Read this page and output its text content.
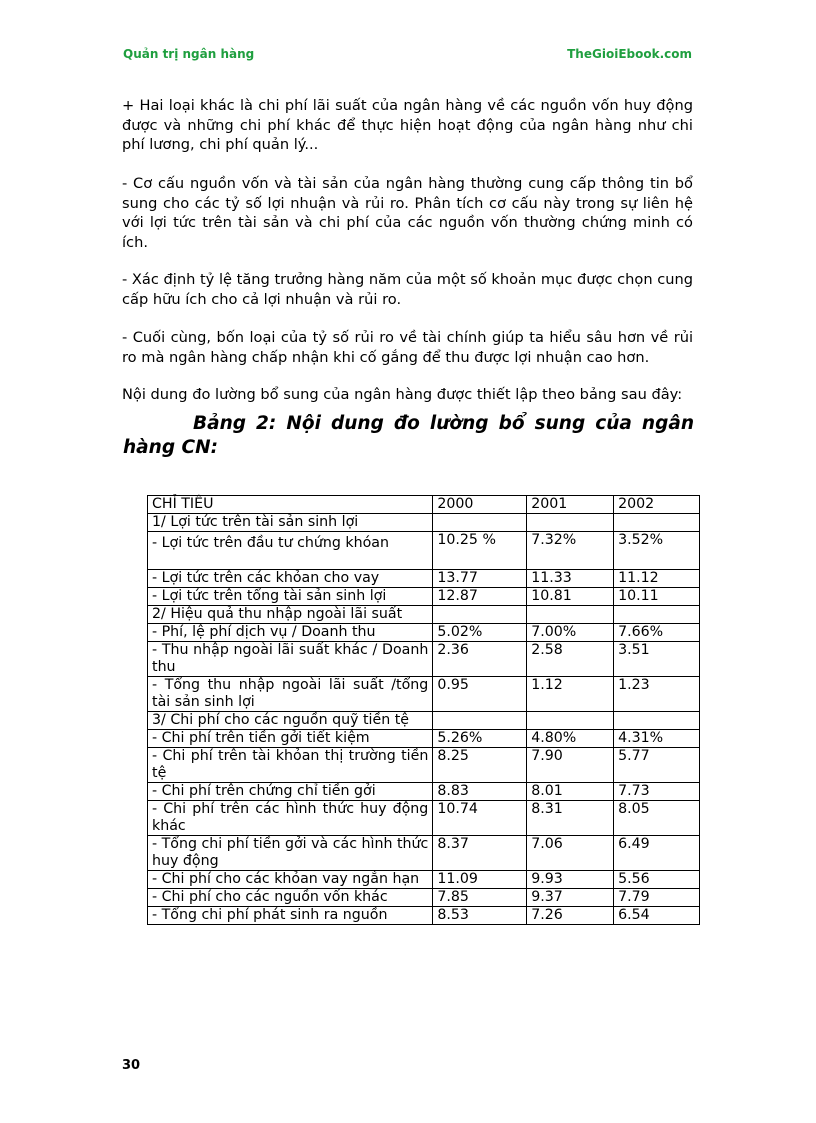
Quản trị ngân hàng	TheGioiEbook.com

+ Hai loại khác là chi phí lãi suất của ngân hàng về các nguồn vốn huy động được và những chi phí khác để thực hiện hoạt động của ngân hàng như chi phí lương, chi phí quản lý...

- Cơ cấu nguồn vốn và tài sản của ngân hàng thường cung cấp thông tin bổ sung cho các tỷ số lợi nhuận và rủi ro. Phân tích cơ cấu này trong sự liên hệ với lợi tức trên tài sản và chi phí của các nguồn vốn thường chứng minh có ích.

- Xác định tỷ lệ tăng trưởng hàng năm của một số khoản mục được chọn cung cấp hữu ích cho cả lợi nhuận và rủi ro.

- Cuối cùng, bốn loại của tỷ số rủi ro về tài chính giúp ta hiểu sâu hơn về rủi ro mà ngân hàng chấp nhận khi cố gắng để thu được lợi nhuận cao hơn.

Nội dung đo lường bổ sung của ngân hàng được thiết lập theo bảng sau đây:

Bảng 2: Nội dung đo lường bổ sung của ngân hàng CN:

CHỈ TIÊU	2000	2001	2002
1/ Lợi tức trên tài sản sinh lợi			
- Lợi tức trên đầu tư chứng khóan	10.25 %	7.32%	3.52%
- Lợi tức trên các khỏan cho vay	13.77	11.33	11.12
- Lợi tức trên tổng tài sản sinh lợi	12.87	10.81	10.11
2/ Hiệu quả thu nhập ngoài lãi suất			
- Phí, lệ phí dịch vụ / Doanh thu	5.02%	7.00%	7.66%
- Thu nhập ngoài lãi suất khác / Doanh thu	2.36	2.58	3.51
- Tổng thu nhập ngoài lãi suất /tổng tài sản sinh lợi	0.95	1.12	1.23
3/ Chi phí cho các nguồn quỹ tiền tệ			
- Chi phí trên tiền gởi tiết kiệm	5.26%	4.80%	4.31%
- Chi phí trên tài khỏan thị trường tiền tệ	8.25	7.90	5.77
- Chi phí trên chứng chỉ tiền gởi	8.83	8.01	7.73
- Chi phí trên các hình thức huy động khác	10.74	8.31	8.05
- Tổng chi phí tiền gởi và các hình thức huy động	8.37	7.06	6.49
- Chi phí cho các khỏan vay ngắn hạn	11.09	9.93	5.56
- Chi phí cho các nguồn vốn khác	7.85	9.37	7.79
- Tổng chi phí phát sinh ra nguồn	8.53	7.26	6.54
30
